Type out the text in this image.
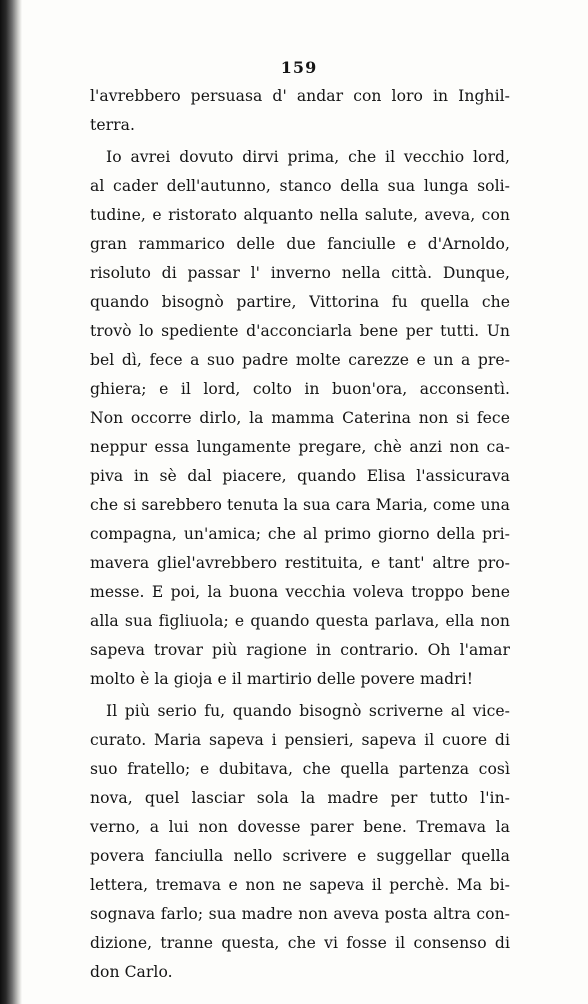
159
l'avrebbero persuasa d' andar con loro in Inghil-
terra.
Io avrei dovuto dirvi prima, che il vecchio lord,
al cader dell'autunno, stanco della sua lunga soli-
tudine, e ristorato alquanto nella salute, aveva, con
gran rammarico delle due fanciulle e d'Arnoldo,
risoluto di passar l' inverno nella città. Dunque,
quando bisognò partire, Vittorina fu quella che
trovò lo spediente d'acconciarla bene per tutti. Un
bel dì, fece a suo padre molte carezze e un a pre-
ghiera; e il lord, colto in buon'ora, acconsentì.
Non occorre dirlo, la mamma Caterina non si fece
neppur essa lungamente pregare, chè anzi non ca-
piva in sè dal piacere, quando Elisa l'assicurava
che si sarebbero tenuta la sua cara Maria, come una
compagna, un'amica; che al primo giorno della pri-
mavera gliel'avrebbero restituita, e tant' altre pro-
messe. E poi, la buona vecchia voleva troppo bene
alla sua figliuola; e quando questa parlava, ella non
sapeva trovar più ragione in contrario. Oh l'amar
molto è la gioja e il martirio delle povere madri!
Il più serio fu, quando bisognò scriverne al vice-
curato. Maria sapeva i pensieri, sapeva il cuore di
suo fratello; e dubitava, che quella partenza così
nova, quel lasciar sola la madre per tutto l'in-
verno, a lui non dovesse parer bene. Tremava la
povera fanciulla nello scrivere e suggellar quella
lettera, tremava e non ne sapeva il perchè. Ma bi-
sognava farlo; sua madre non aveva posta altra con-
dizione, tranne questa, che vi fosse il consenso di
don Carlo.
